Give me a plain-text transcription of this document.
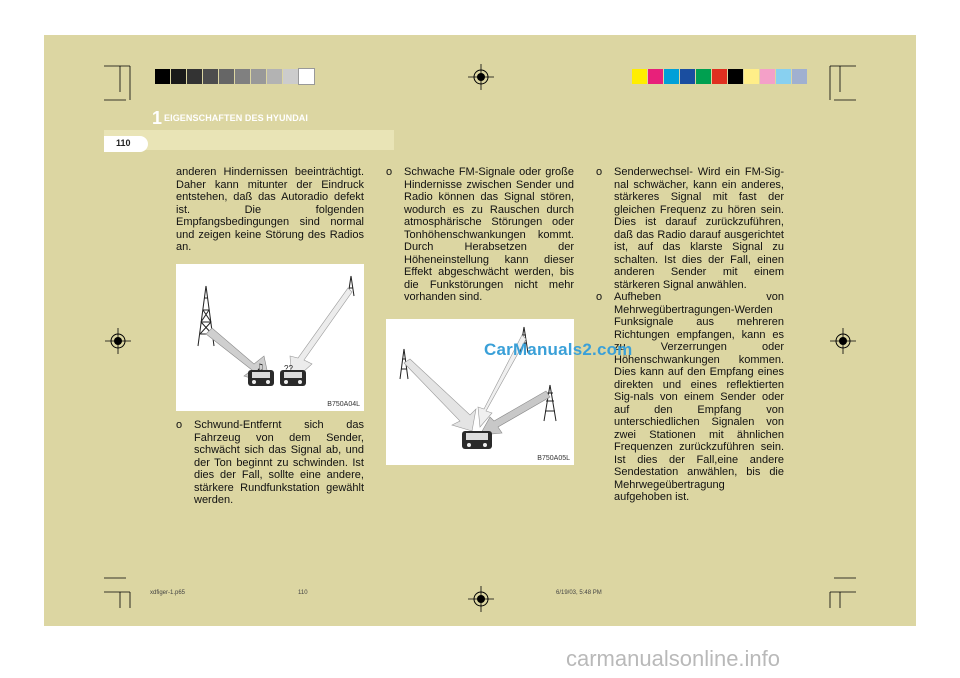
1 EIGENSCHAFTEN DES HYUNDAI
110

anderen Hindernissen beeinträchtigt. Daher kann mitunter der Eindruck entstehen, daß das Autoradio defekt ist. Die folgenden Empfangsbedingungen sind normal und zeigen keine Störung des Radios an.

♫ ??
B750A04L
o	Schwund-Entfernt sich das Fahrzeug von dem Sender, schwächt sich das Signal ab, und der Ton beginnt zu schwinden. Ist dies der Fall, sollte eine andere, stärkere Rundfunkstation gewählt werden.
o	Schwache FM-Signale oder große Hindernisse zwischen Sender und Radio können das Signal stören, wodurch es zu Rauschen durch atmosphärische Störungen oder Tonhöhenschwankungen kommt. Durch Herabsetzen der Höheneinstellung kann dieser Effekt abgeschwächt werden, bis die Funkstörungen nicht mehr vorhanden sind.
B750A05L
o	Senderwechsel- Wird ein FM-Sig-nal schwächer, kann ein anderes, stärkeres Signal mit fast der gleichen Frequenz zu hören sein. Dies ist darauf zurückzuführen, daß das Radio darauf ausgerichtet ist, auf das klarste Signal zu schalten. Ist dies der Fall, einen anderen Sender mit einem stärkeren Signal anwählen.
o	Aufheben von Mehrwegübertragungen-Werden Funksignale aus mehreren Richtungen empfangen, kann es zu Verzerrungen oder Höhenschwankungen kommen. Dies kann auf den Empfang eines direkten und eines reflektierten Sig-nals von einem Sender oder auf den Empfang von unterschiedlichen Signalen von zwei Stationen mit ähnlichen Frequenzen zurückzuführen sein. Ist dies der Fall,eine andere Sendestation anwählen, bis die Mehrwegeübertragung aufgehoben ist.
CarManuals2.com
xdfiger-1.p65	110	6/19/03, 5:48 PM
carmanualsonline.info
